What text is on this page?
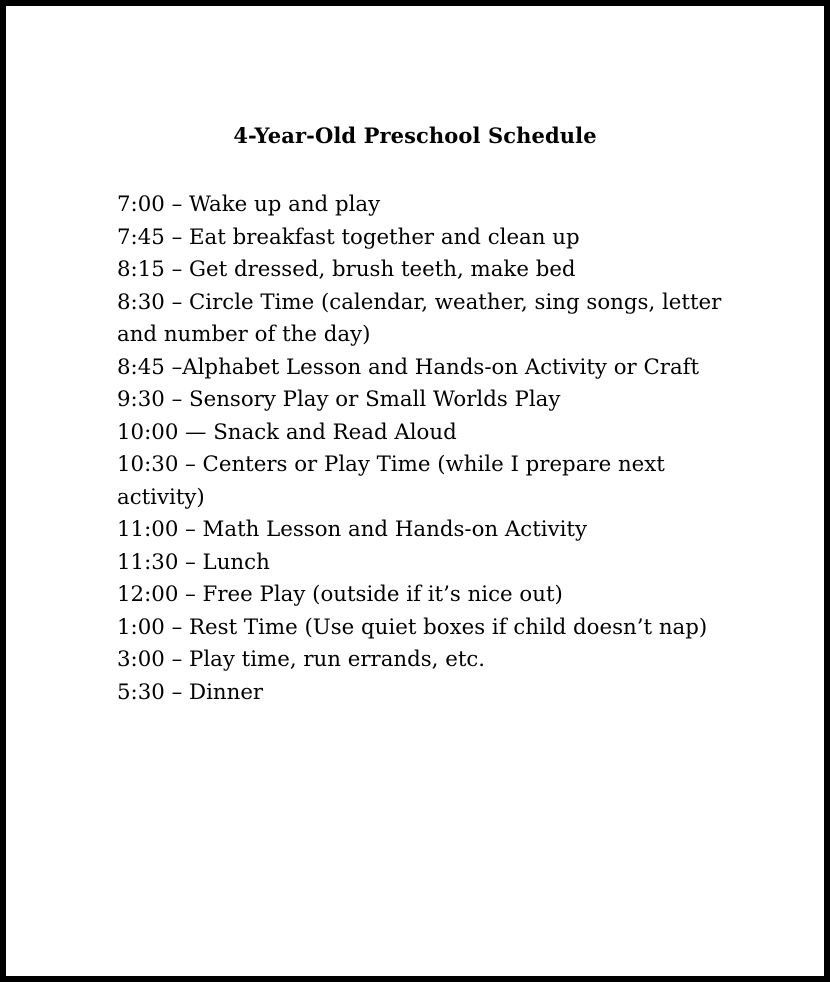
4-Year-Old Preschool Schedule
7:00 – Wake up and play
7:45 – Eat breakfast together and clean up
8:15 – Get dressed, brush teeth, make bed
8:30 – Circle Time (calendar, weather, sing songs, letter and number of the day)
8:45 –Alphabet Lesson and Hands-on Activity or Craft
9:30 – Sensory Play or Small Worlds Play
10:00 — Snack and Read Aloud
10:30 – Centers or Play Time (while I prepare next activity)
11:00 – Math Lesson and Hands-on Activity
11:30 – Lunch
12:00 – Free Play (outside if it’s nice out)
1:00 – Rest Time (Use quiet boxes if child doesn’t nap)
3:00 – Play time, run errands, etc.
5:30 – Dinner
